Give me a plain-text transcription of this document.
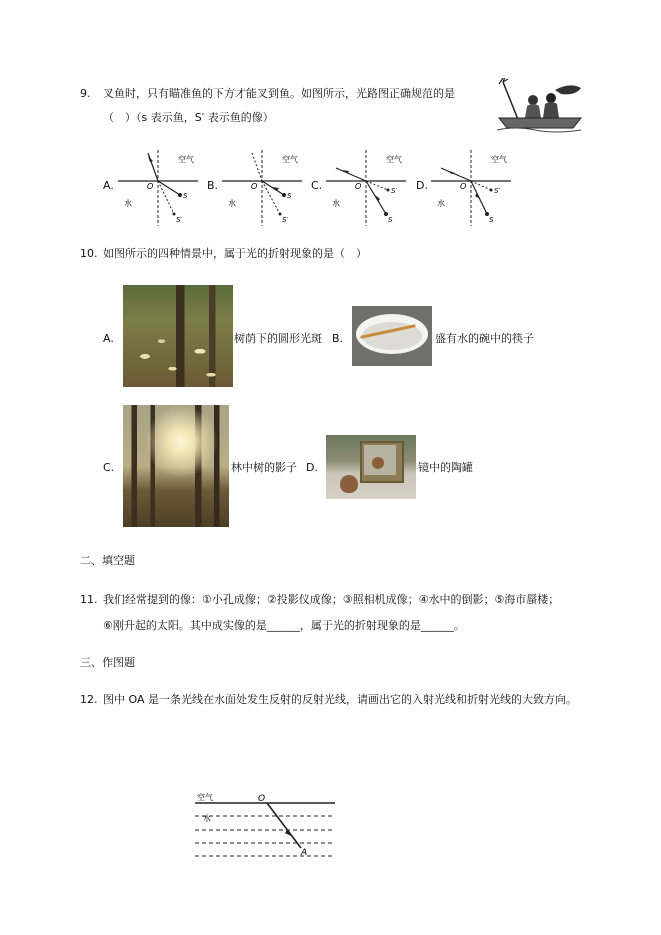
9. 叉鱼时，只有瞄准鱼的下方才能叉到鱼。如图所示，光路图正确规范的是
（　）（s 表示鱼，S′ 表示鱼的像）
A.
空气
水
O
S
S′
B.
空气
水
O
S
S′
C.
空气
水
O	S′
S
D.
空气
水
O	S′
S
10. 如图所示的四种情景中，属于光的折射现象的是（　）
A.	树荫下的圆形光斑 B.	盛有水的碗中的筷子
C.	林中树的影子 D.	镜中的陶罐
二、填空题
11. 我们经常提到的像：①小孔成像；②投影仪成像；③照相机成像；④水中的倒影；⑤海市蜃楼；
⑥刚升起的太阳。其中成实像的是______，属于光的折射现象的是______。
三、作图题
12. 图中 OA 是一条光线在水面处发生反射的反射光线，请画出它的入射光线和折射光线的大致方向。
空气
水
O
A
